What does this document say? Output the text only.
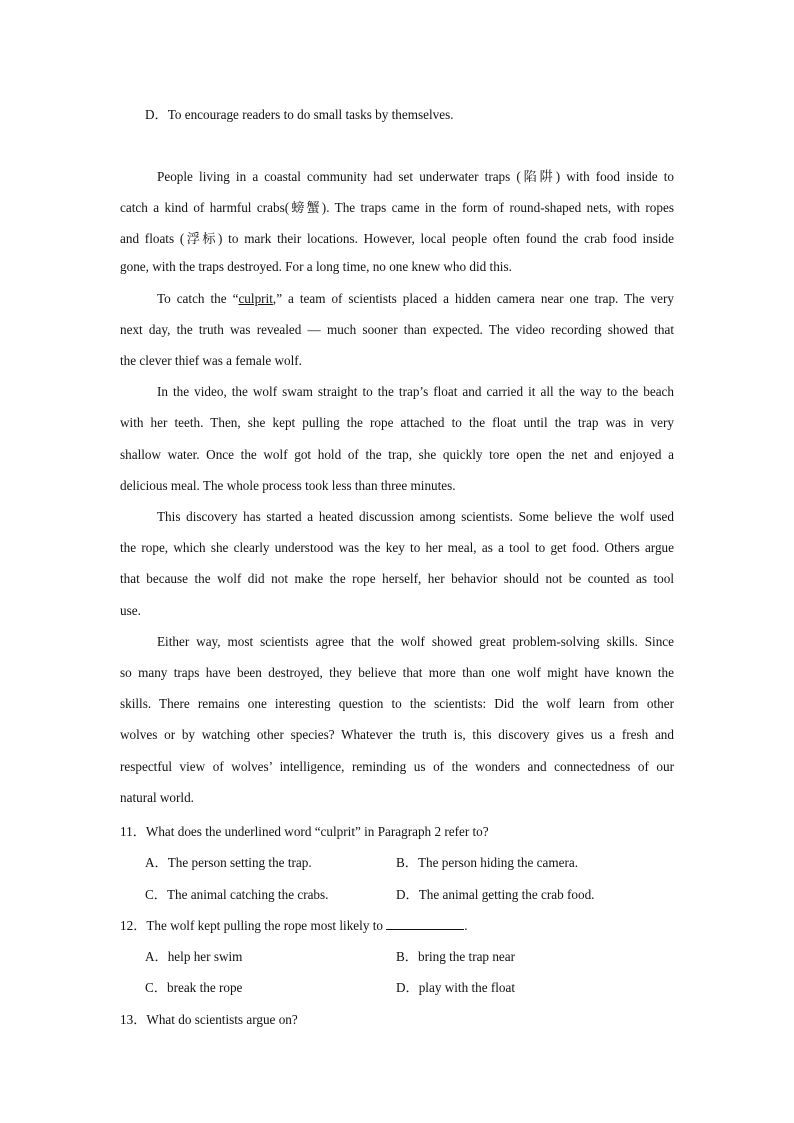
D．To encourage readers to do small tasks by themselves.
People living in a coastal community had set underwater traps (陷阱) with food inside to
catch a kind of harmful crabs(螃蟹). The traps came in the form of round-shaped nets, with ropes
and floats (浮标) to mark their locations. However, local people often found the crab food inside
gone, with the traps destroyed. For a long time, no one knew who did this.
To catch the “culprit,” a team of scientists placed a hidden camera near one trap. The very
next day, the truth was revealed — much sooner than expected. The video recording showed that
the clever thief was a female wolf.
In the video, the wolf swam straight to the trap’s float and carried it all the way to the beach
with her teeth. Then, she kept pulling the rope attached to the float until the trap was in very
shallow water. Once the wolf got hold of the trap, she quickly tore open the net and enjoyed a
delicious meal. The whole process took less than three minutes.
This discovery has started a heated discussion among scientists. Some believe the wolf used
the rope, which she clearly understood was the key to her meal, as a tool to get food. Others argue
that because the wolf did not make the rope herself, her behavior should not be counted as tool
use.
Either way, most scientists agree that the wolf showed great problem-solving skills. Since
so many traps have been destroyed, they believe that more than one wolf might have known the
skills. There remains one interesting question to the scientists: Did the wolf learn from other
wolves or by watching other species? Whatever the truth is, this discovery gives us a fresh and
respectful view of wolves’ intelligence, reminding us of the wonders and connectedness of our
natural world.
11．What does the underlined word “culprit” in Paragraph 2 refer to?
A．The person setting the trap.	B．The person hiding the camera.
C．The animal catching the crabs.	D．The animal getting the crab food.
12．The wolf kept pulling the rope most likely to	.
A．help her swim	B．bring the trap near
C．break the rope	D．play with the float
13．What do scientists argue on?
